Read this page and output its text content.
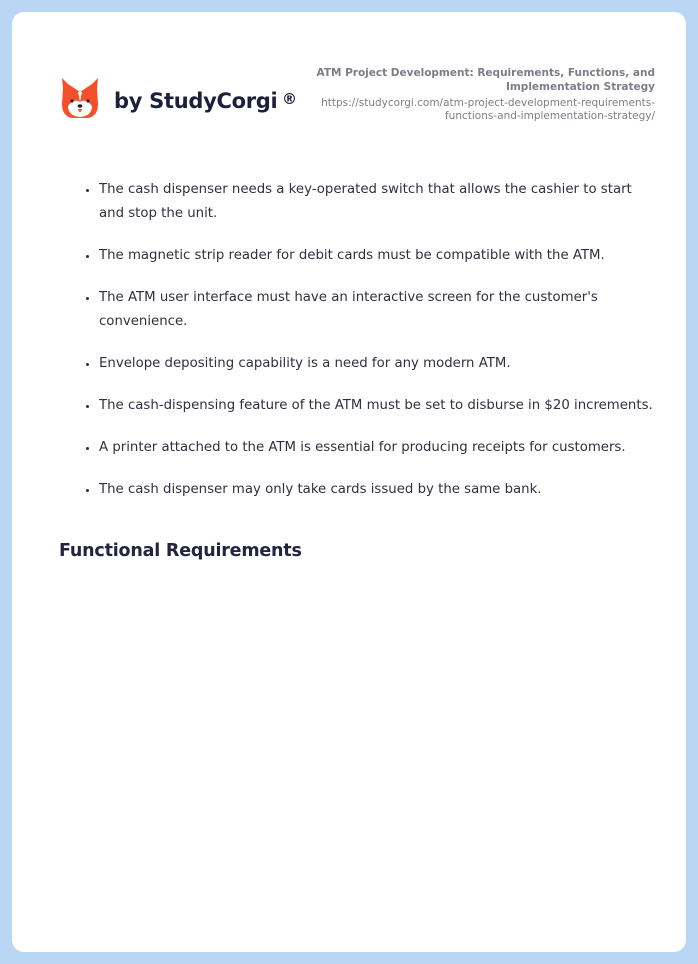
by StudyCorgi ®
ATM Project Development: Requirements, Functions, and Implementation Strategy
https://studycorgi.com/atm-project-development-requirements-functions-and-implementation-strategy/
• The cash dispenser needs a key-operated switch that allows the cashier to start and stop the unit.
• The magnetic strip reader for debit cards must be compatible with the ATM.
• The ATM user interface must have an interactive screen for the customer's convenience.
• Envelope depositing capability is a need for any modern ATM.
• The cash-dispensing feature of the ATM must be set to disburse in $20 increments.
• A printer attached to the ATM is essential for producing receipts for customers.
• The cash dispenser may only take cards issued by the same bank.
Functional Requirements
